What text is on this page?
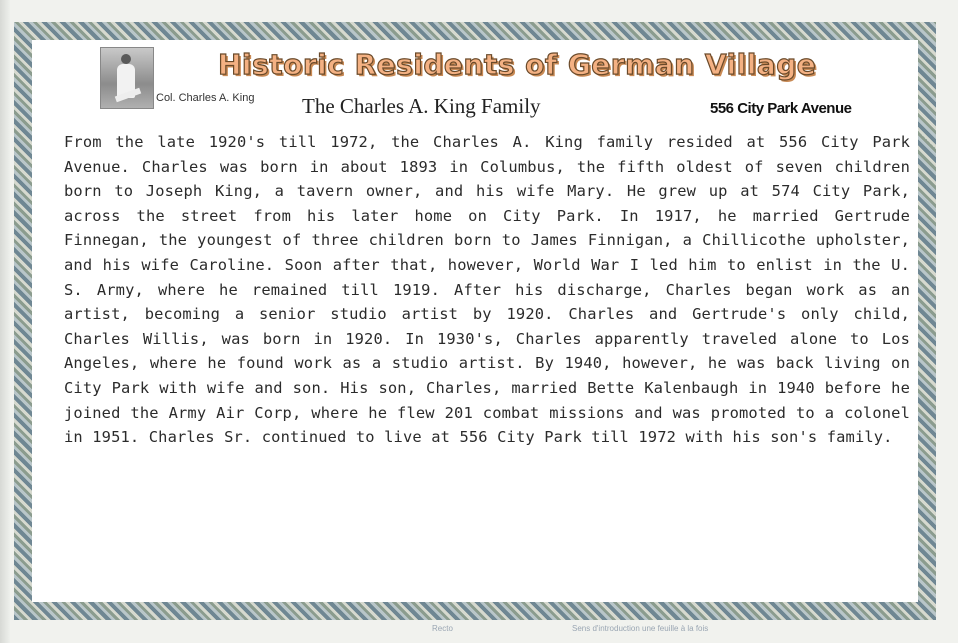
Col. Charles A. King
Historic Residents of German Village
The Charles A. King Family	556 City Park Avenue

From the late 1920's till 1972, the Charles A. King family resided at 556 City Park Avenue. Charles was born in about 1893 in Columbus, the fifth oldest of seven children born to Joseph King, a tavern owner, and his wife Mary. He grew up at 574 City Park, across the street from his later home on City Park. In 1917, he married Gertrude Finnegan, the youngest of three children born to James Finnigan, a Chillicothe upholster, and his wife Caroline. Soon after that, however, World War I led him to enlist in the U. S. Army, where he remained till 1919. After his discharge, Charles began work as an artist, becoming a senior studio artist by 1920. Charles and Gertrude's only child, Charles Willis, was born in 1920. In 1930's, Charles apparently traveled alone to Los Angeles, where he found work as a studio artist. By 1940, however, he was back living on City Park with wife and son. His son, Charles, married Bette Kalenbaugh in 1940 before he joined the Army Air Corp, where he flew 201 combat missions and was promoted to a colonel in 1951. Charles Sr. continued to live at 556 City Park till 1972 with his son's family.

Recto	Sens d'introduction une feuille à la fois
